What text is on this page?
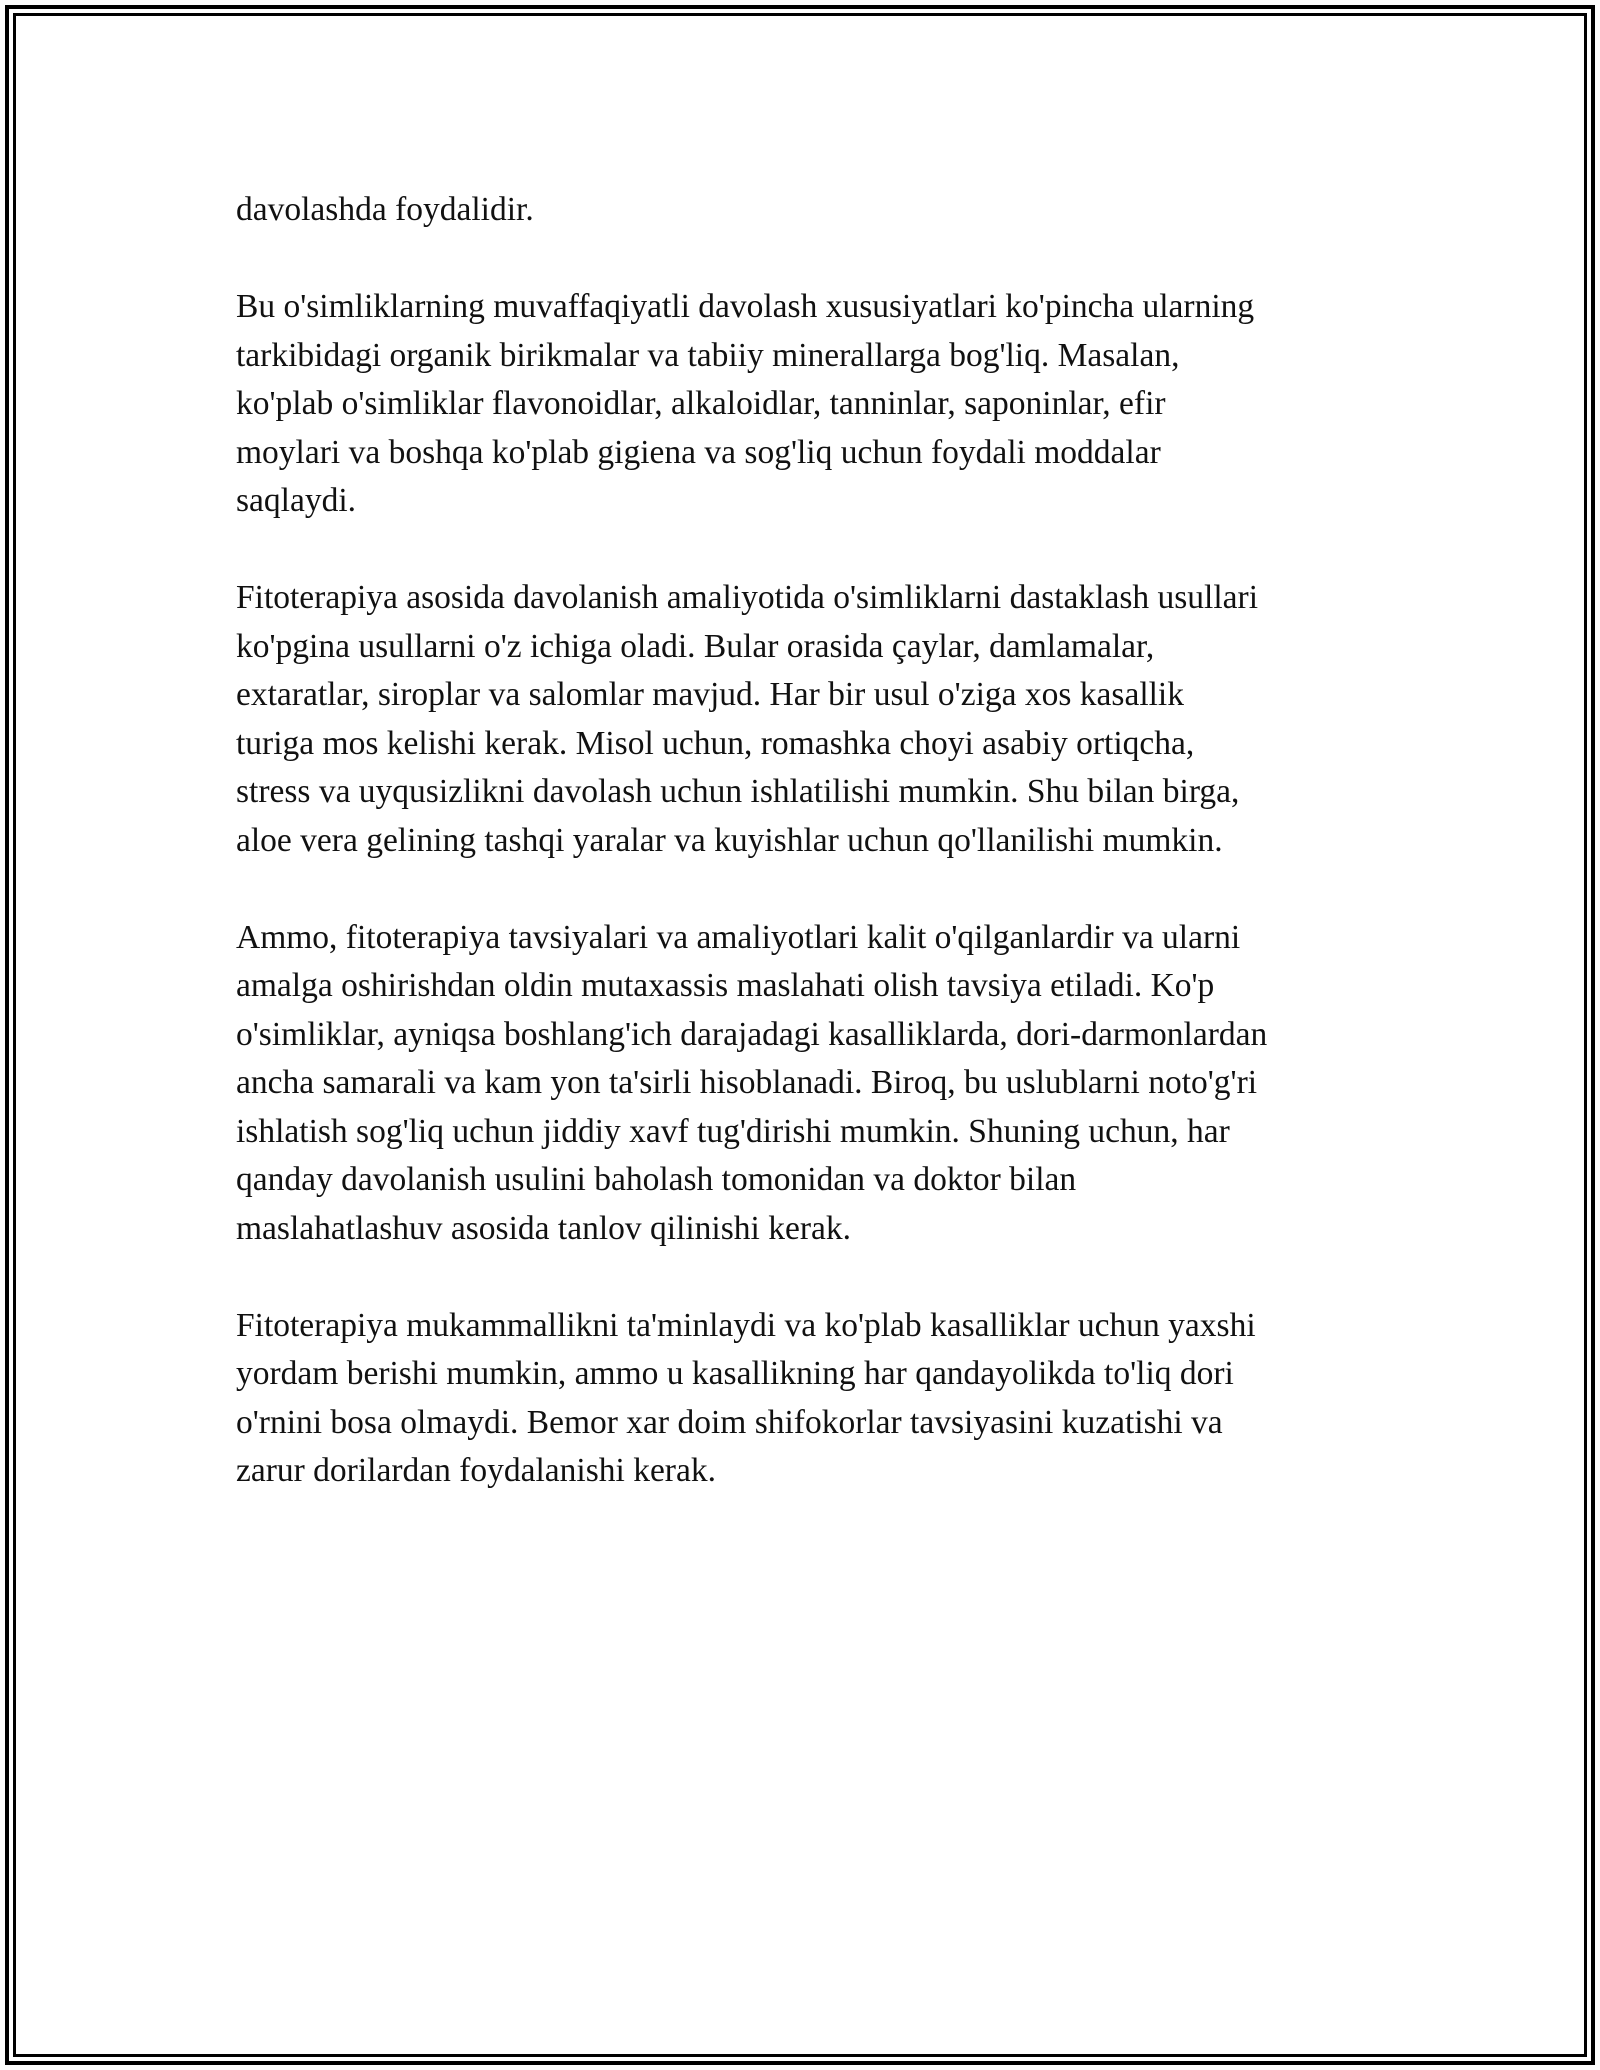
davolashda foydalidir.

Bu o'simliklarning muvaffaqiyatli davolash xususiyatlari ko'pincha ularning
tarkibidagi organik birikmalar va tabiiy minerallarga bog'liq. Masalan,
ko'plab o'simliklar flavonoidlar, alkaloidlar, tanninlar, saponinlar, efir
moylari va boshqa ko'plab gigiena va sog'liq uchun foydali moddalar
saqlaydi.

Fitoterapiya asosida davolanish amaliyotida o'simliklarni dastaklash usullari
ko'pgina usullarni o'z ichiga oladi. Bular orasida çaylar, damlamalar,
extaratlar, siroplar va salomlar mavjud. Har bir usul o'ziga xos kasallik
turiga mos kelishi kerak. Misol uchun, romashka choyi asabiy ortiqcha,
stress va uyqusizlikni davolash uchun ishlatilishi mumkin. Shu bilan birga,
aloe vera gelining tashqi yaralar va kuyishlar uchun qo'llanilishi mumkin.

Ammo, fitoterapiya tavsiyalari va amaliyotlari kalit o'qilganlardir va ularni
amalga oshirishdan oldin mutaxassis maslahati olish tavsiya etiladi. Ko'p
o'simliklar, ayniqsa boshlang'ich darajadagi kasalliklarda, dori-darmonlardan
ancha samarali va kam yon ta'sirli hisoblanadi. Biroq, bu uslublarni noto'g'ri
ishlatish sog'liq uchun jiddiy xavf tug'dirishi mumkin. Shuning uchun, har
qanday davolanish usulini baholash tomonidan va doktor bilan
maslahatlashuv asosida tanlov qilinishi kerak.

Fitoterapiya mukammallikni ta'minlaydi va ko'plab kasalliklar uchun yaxshi
yordam berishi mumkin, ammo u kasallikning har qandayolikda to'liq dori
o'rnini bosa olmaydi. Bemor xar doim shifokorlar tavsiyasini kuzatishi va
zarur dorilardan foydalanishi kerak.
